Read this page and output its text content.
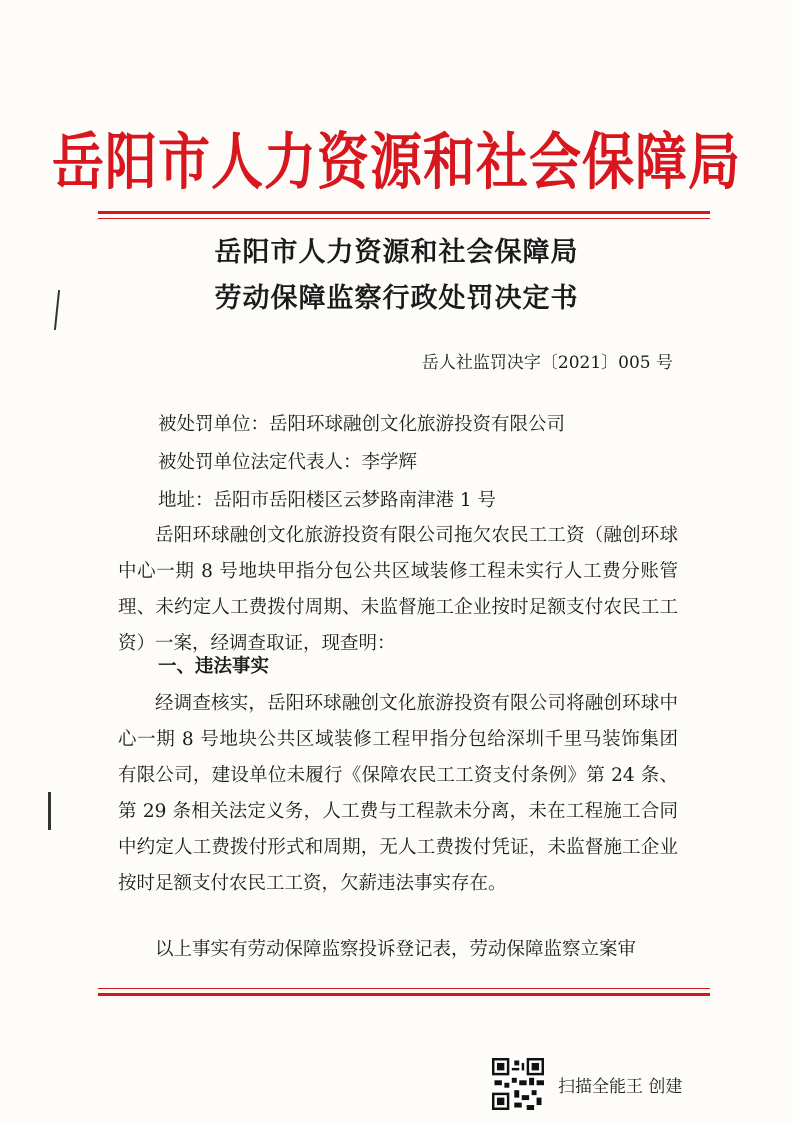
岳阳市人力资源和社会保障局
岳阳市人力资源和社会保障局
劳动保障监察行政处罚决定书
岳人社监罚决字〔2021〕005 号
被处罚单位：岳阳环球融创文化旅游投资有限公司
被处罚单位法定代表人：李学辉
地址：岳阳市岳阳楼区云梦路南津港 1 号
岳阳环球融创文化旅游投资有限公司拖欠农民工工资（融创环球中心一期 8 号地块甲指分包公共区域装修工程未实行人工费分账管理、未约定人工费拨付周期、未监督施工企业按时足额支付农民工工资）一案，经调查取证，现查明：
一、违法事实
经调查核实，岳阳环球融创文化旅游投资有限公司将融创环球中心一期 8 号地块公共区域装修工程甲指分包给深圳千里马装饰集团有限公司，建设单位未履行《保障农民工工资支付条例》第 24 条、第 29 条相关法定义务，人工费与工程款未分离，未在工程施工合同中约定人工费拨付形式和周期，无人工费拨付凭证，未监督施工企业按时足额支付农民工工资，欠薪违法事实存在。
以上事实有劳动保障监察投诉登记表，劳动保障监察立案审
扫描全能王 创建
